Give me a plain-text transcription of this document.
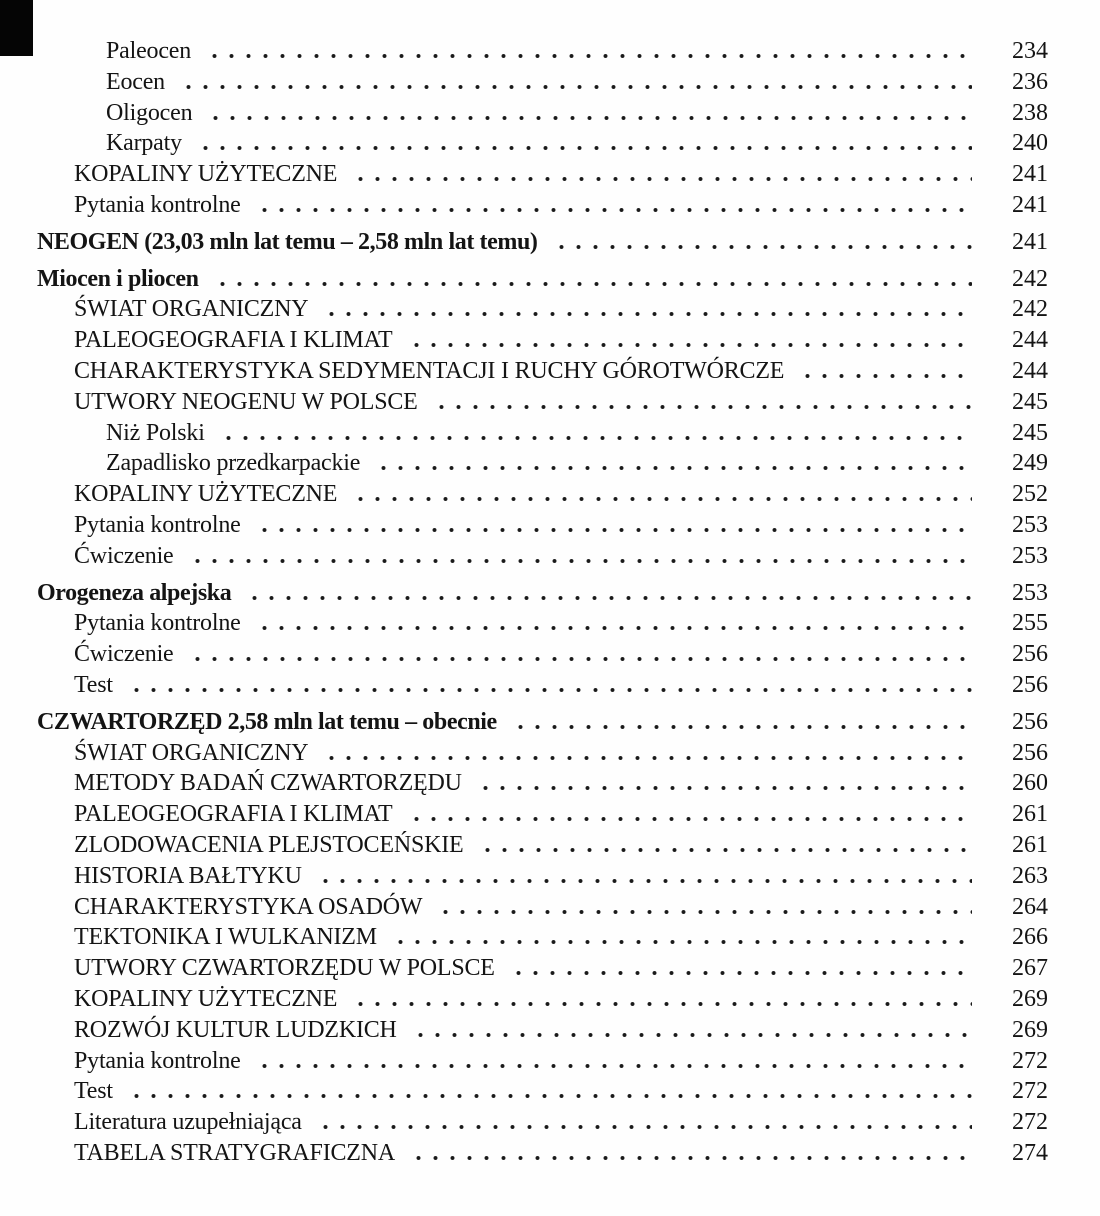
Paleocen	234
Eocen	236
Oligocen	238
Karpaty	240
KOPALINY UŻYTECZNE	241
Pytania kontrolne	241
NEOGEN (23,03 mln lat temu – 2,58 mln lat temu)	241
Miocen i pliocen	242
ŚWIAT ORGANICZNY	242
PALEOGEOGRAFIA I KLIMAT	244
CHARAKTERYSTYKA SEDYMENTACJI I RUCHY GÓROTWÓRCZE	244
UTWORY NEOGENU W POLSCE	245
Niż Polski	245
Zapadlisko przedkarpackie	249
KOPALINY UŻYTECZNE	252
Pytania kontrolne	253
Ćwiczenie	253
Orogeneza alpejska	253
Pytania kontrolne	255
Ćwiczenie	256
Test	256
CZWARTORZĘD 2,58 mln lat temu – obecnie	256
ŚWIAT ORGANICZNY	256
METODY BADAŃ CZWARTORZĘDU	260
PALEOGEOGRAFIA I KLIMAT	261
ZLODOWACENIA PLEJSTOCEŃSKIE	261
HISTORIA BAŁTYKU	263
CHARAKTERYSTYKA OSADÓW	264
TEKTONIKA I WULKANIZM	266
UTWORY CZWARTORZĘDU W POLSCE	267
KOPALINY UŻYTECZNE	269
ROZWÓJ KULTUR LUDZKICH	269
Pytania kontrolne	272
Test	272
Literatura uzupełniająca	272
TABELA STRATYGRAFICZNA	274
